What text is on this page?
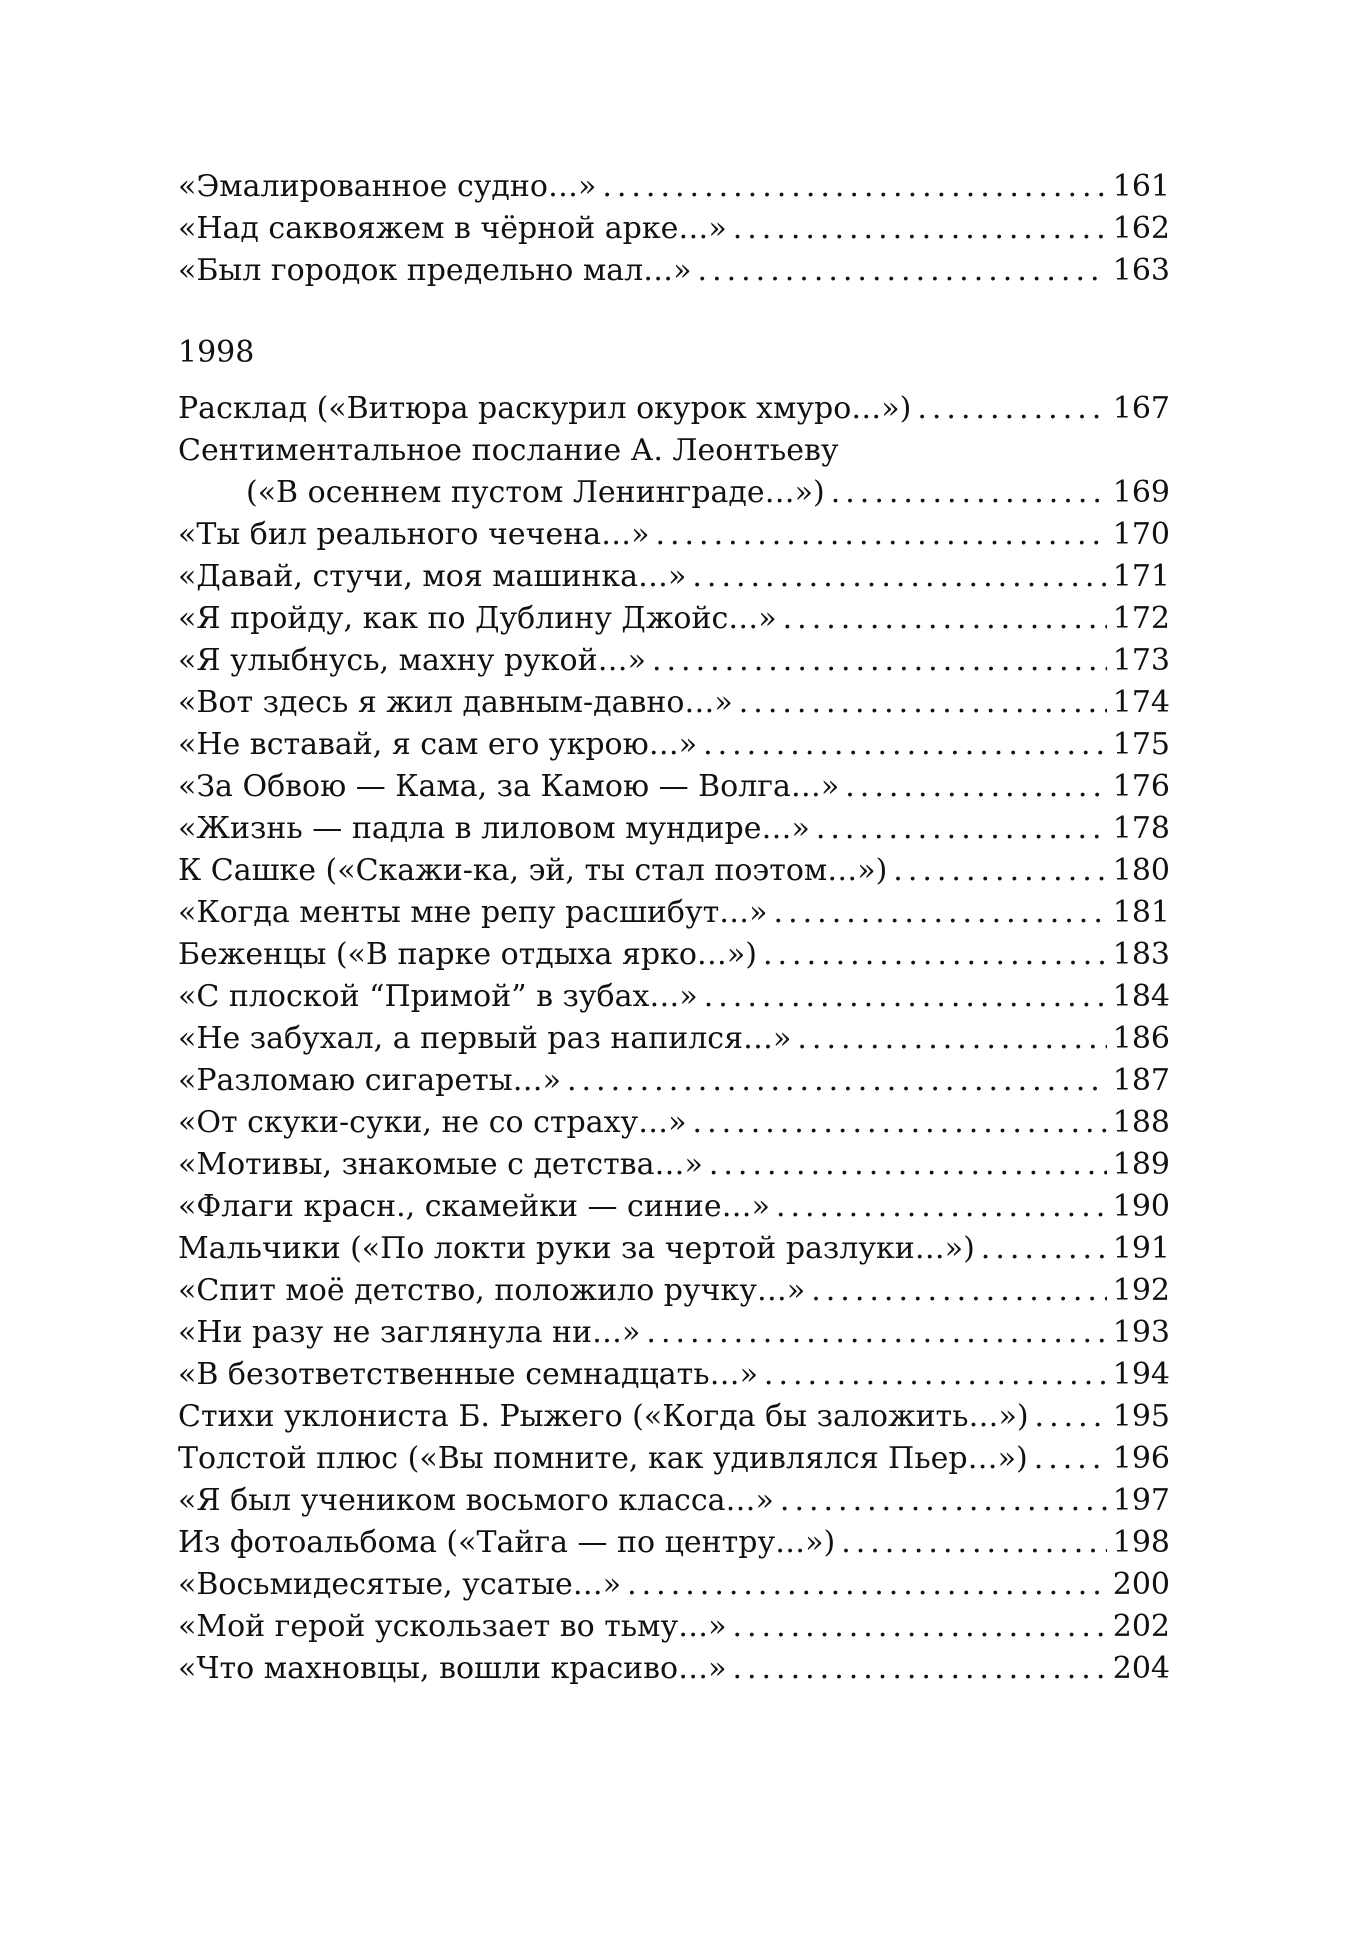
«Эмалированное судно…» .....	161
«Над саквояжем в чёрной арке…» .....	162
«Был городок предельно мал…» .....	163
1998
Расклад («Витюра раскурил окурок хмуро…») .....	167
Сентиментальное послание А. Леонтьеву
(«В осеннем пустом Ленинграде…») .....	169
«Ты бил реального чечена…» .....	170
«Давай, стучи, моя машинка…» .....	171
«Я пройду, как по Дублину Джойс…» .....	172
«Я улыбнусь, махну рукой…» .....	173
«Вот здесь я жил давным-давно…» .....	174
«Не вставай, я сам его укрою…» .....	175
«За Обвою — Кама, за Камою — Волга…» .....	176
«Жизнь — падла в лиловом мундире…» .....	178
К Сашке («Скажи-ка, эй, ты стал поэтом…») .....	180
«Когда менты мне репу расшибут…» .....	181
Беженцы («В парке отдыха ярко…») .....	183
«С плоской “Примой” в зубах…» .....	184
«Не забухал, а первый раз напился…» .....	186
«Разломаю сигареты…» .....	187
«От скуки-суки, не со страху…» .....	188
«Мотивы, знакомые с детства…» .....	189
«Флаги красн., скамейки — синие…» .....	190
Мальчики («По локти руки за чертой разлуки…») .....	191
«Спит моё детство, положило ручку…» .....	192
«Ни разу не заглянула ни…» .....	193
«В безответственные семнадцать…» .....	194
Стихи уклониста Б. Рыжего («Когда бы заложить…») .....	195
Толстой плюс («Вы помните, как удивлялся Пьер…») .....	196
«Я был учеником восьмого класса…» .....	197
Из фотоальбома («Тайга — по центру…») .....	198
«Восьмидесятые, усатые…» .....	200
«Мой герой ускользает во тьму…» .....	202
«Что махновцы, вошли красиво…» .....	204
